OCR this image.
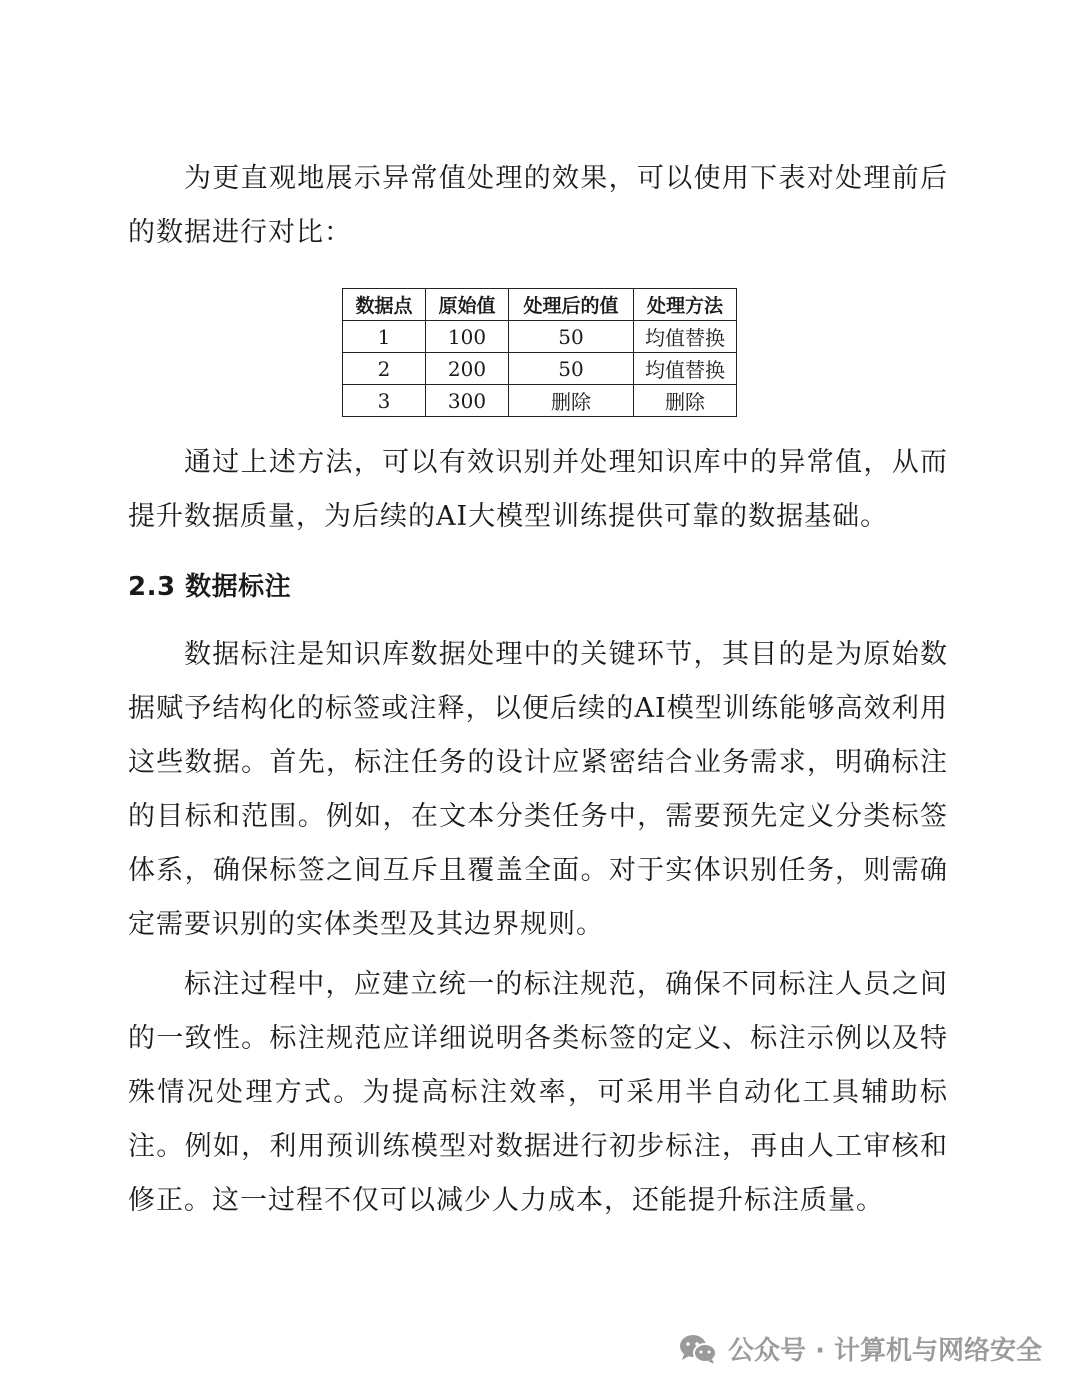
为更直观地展示异常值处理的效果，可以使用下表对处理前后的数据进行对比：

数据点	原始值	处理后的值	处理方法
1	100	50	均值替换
2	200	50	均值替换
3	300	删除	删除

通过上述方法，可以有效识别并处理知识库中的异常值，从而提升数据质量，为后续的AI大模型训练提供可靠的数据基础。

2.3 数据标注

数据标注是知识库数据处理中的关键环节，其目的是为原始数据赋予结构化的标签或注释，以便后续的AI模型训练能够高效利用这些数据。首先，标注任务的设计应紧密结合业务需求，明确标注的目标和范围。例如，在文本分类任务中，需要预先定义分类标签体系，确保标签之间互斥且覆盖全面。对于实体识别任务，则需确定需要识别的实体类型及其边界规则。

标注过程中，应建立统一的标注规范，确保不同标注人员之间的一致性。标注规范应详细说明各类标签的定义、标注示例以及特殊情况处理方式。为提高标注效率，可采用半自动化工具辅助标注。例如，利用预训练模型对数据进行初步标注，再由人工审核和修正。这一过程不仅可以减少人力成本，还能提升标注质量。

公众号 · 计算机与网络安全
